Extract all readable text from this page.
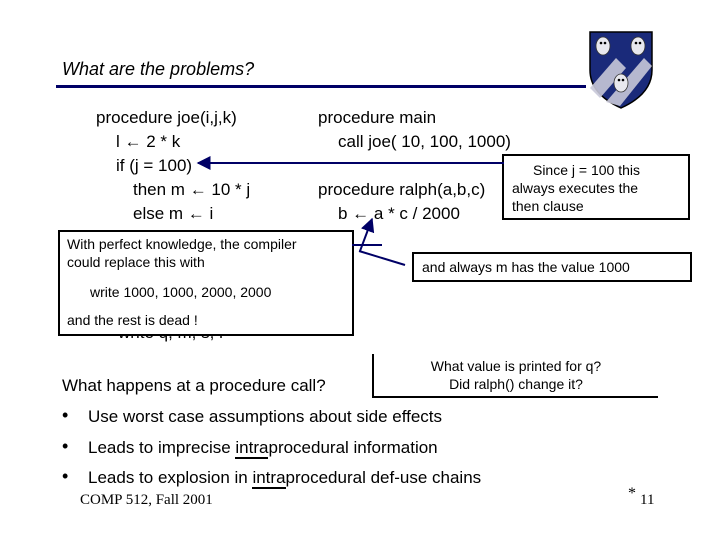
What are the problems?
procedure joe(i,j,k)
l ← 2 * k
if (j = 100)
then m ← 10 * j
else m ← i
procedure main
call joe( 10, 100, 1000)
procedure ralph(a,b,c)
b ← a * c / 2000
Since j = 100 this
always executes the
then clause
With perfect knowledge, the compiler
could replace this with
write 1000, 1000, 2000, 2000
and the rest is dead !
and always m has the value 1000
What value is printed for q?
Did ralph() change it?
What happens at a procedure call?
• Use worst case assumptions about side effects
• Leads to imprecise intraprocedural information
• Leads to explosion in intraprocedural def-use chains
COMP 512, Fall 2001	* 11
